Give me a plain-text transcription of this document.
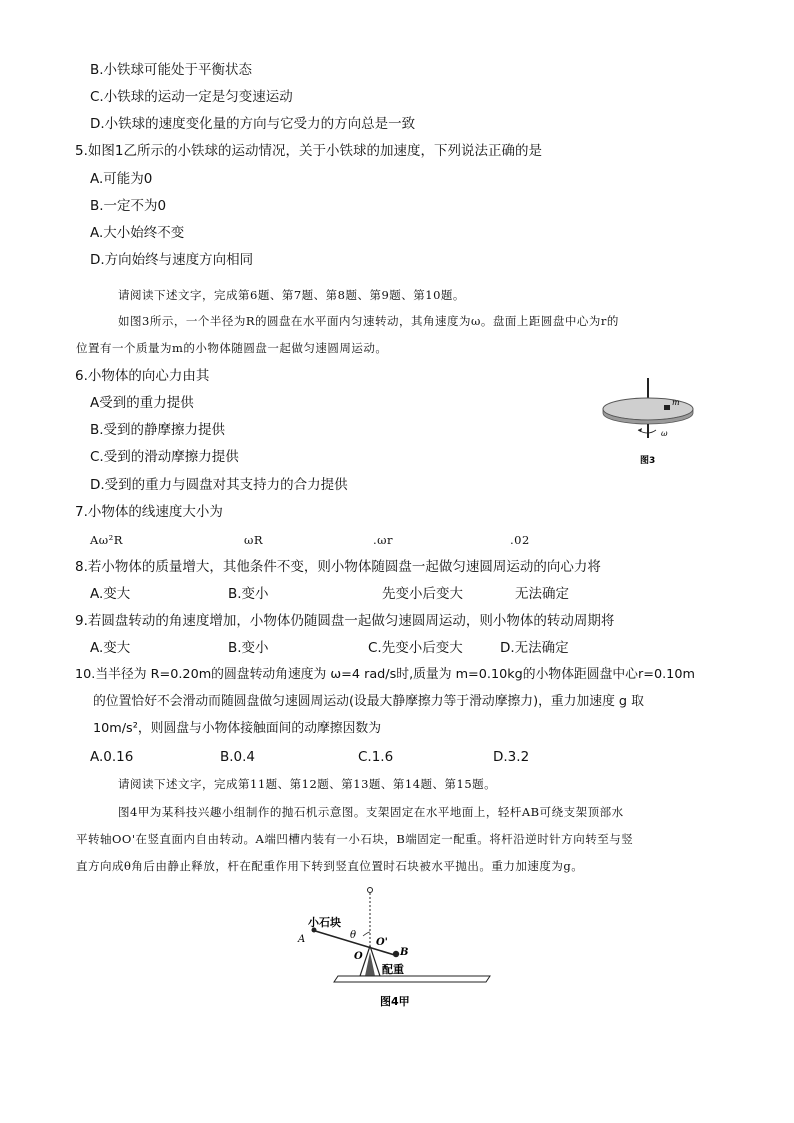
B.小铁球可能处于平衡状态
C.小铁球的运动一定是匀变速运动
D.小铁球的速度变化量的方向与它受力的方向总是一致
5.如图1乙所示的小铁球的运动情况，关于小铁球的加速度，下列说法正确的是
A.可能为0
B.一定不为0
A.大小始终不变
D.方向始终与速度方向相同
请阅读下述文字，完成第6题、第7题、第8题、第9题、第10题。
如图3所示，一个半径为R的圆盘在水平面内匀速转动，其角速度为ω。盘面上距圆盘中心为r的
位置有一个质量为m的小物体随圆盘一起做匀速圆周运动。
6.小物体的向心力由其
A受到的重力提供
B.受到的静摩擦力提供
C.受到的滑动摩擦力提供
D.受到的重力与圆盘对其支持力的合力提供
m
ω
图3
7.小物体的线速度大小为
Aω²R	ωR	.ωr	.02
8.若小物体的质量增大，其他条件不变，则小物体随圆盘一起做匀速圆周运动的向心力将
A.变大	B.变小	先变小后变大	无法确定
9.若圆盘转动的角速度增加，小物体仍随圆盘一起做匀速圆周运动，则小物体的转动周期将
A.变大	B.变小	C.先变小后变大	D.无法确定
10.当半径为 R=0.20m的圆盘转动角速度为 ω=4 rad/s时,质量为 m=0.10kg的小物体距圆盘中心r=0.10m
的位置恰好不会滑动而随圆盘做匀速圆周运动(设最大静摩擦力等于滑动摩擦力)，重力加速度 g 取
10m/s²，则圆盘与小物体接触面间的动摩擦因数为
A.0.16	B.0.4	C.1.6	D.3.2
请阅读下述文字，完成第11题、第12题、第13题、第14题、第15题。
图4甲为某科技兴趣小组制作的抛石机示意图。支架固定在水平地面上，轻杆AB可绕支架顶部水
平转轴OO'在竖直面内自由转动。A端凹槽内装有一小石块，B端固定一配重。将杆沿逆时针方向转至与竖
直方向成θ角后由静止释放，杆在配重作用下转到竖直位置时石块被水平抛出。重力加速度为g。
小石块
A	θ
O
O'
B
配重
图4甲
